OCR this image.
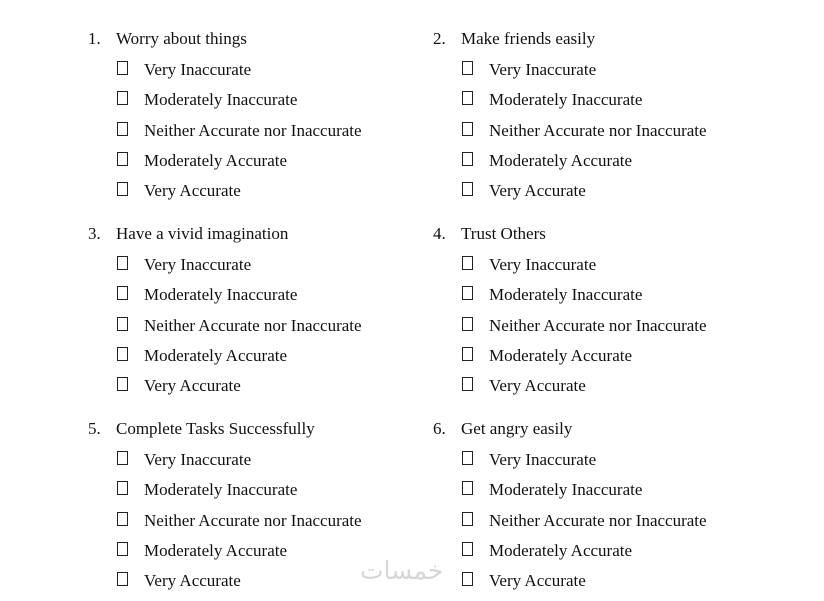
1. Worry about things
Very Inaccurate
Moderately Inaccurate
Neither Accurate nor Inaccurate
Moderately Accurate
Very Accurate
2. Make friends easily
Very Inaccurate
Moderately Inaccurate
Neither Accurate nor Inaccurate
Moderately Accurate
Very Accurate
3. Have a vivid imagination
Very Inaccurate
Moderately Inaccurate
Neither Accurate nor Inaccurate
Moderately Accurate
Very Accurate
4. Trust Others
Very Inaccurate
Moderately Inaccurate
Neither Accurate nor Inaccurate
Moderately Accurate
Very Accurate
5. Complete Tasks Successfully
Very Inaccurate
Moderately Inaccurate
Neither Accurate nor Inaccurate
Moderately Accurate
Very Accurate
6. Get angry easily
Very Inaccurate
Moderately Inaccurate
Neither Accurate nor Inaccurate
Moderately Accurate
Very Accurate
خمسات
